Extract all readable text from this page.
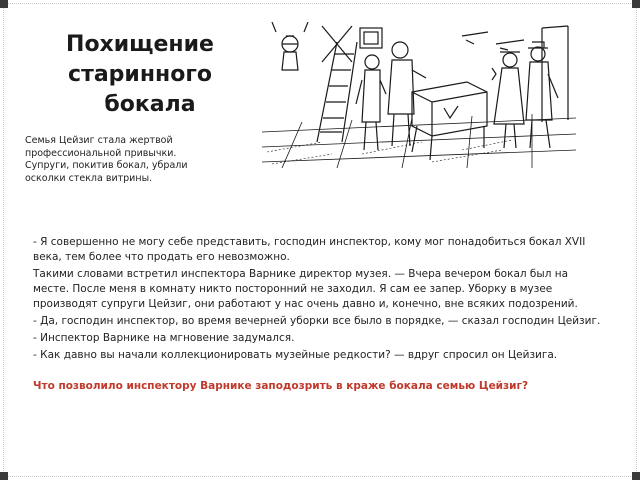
Похищение
старинного
бокала
Семья Цейзиг стала жертвой профессиональной привычки. Супруги, покитив бокал, убрали осколки стекла витрины.

- Я совершенно не могу себе представить, господин инспектор, кому мог понадобиться бокал XVII века, тем более что продать его невозможно.

Такими словами встретил инспектора Варнике директор музея. — Вчера вечером бокал был на месте. После меня в комнату никто посторонний не заходил. Я сам ее запер. Уборку в музее производят супруги Цейзиг, они работают у нас очень давно и, конечно, вне всяких подозрений.

- Да, господин инспектор, во время вечерней уборки все было в порядке, — сказал господин Цейзиг.

- Инспектор Варнике на мгновение задумался.

- Как давно вы начали коллекционировать музейные редкости? — вдруг спросил он Цейзига.

Что позволило инспектору Варнике заподозрить в краже бокала семью Цейзиг?
